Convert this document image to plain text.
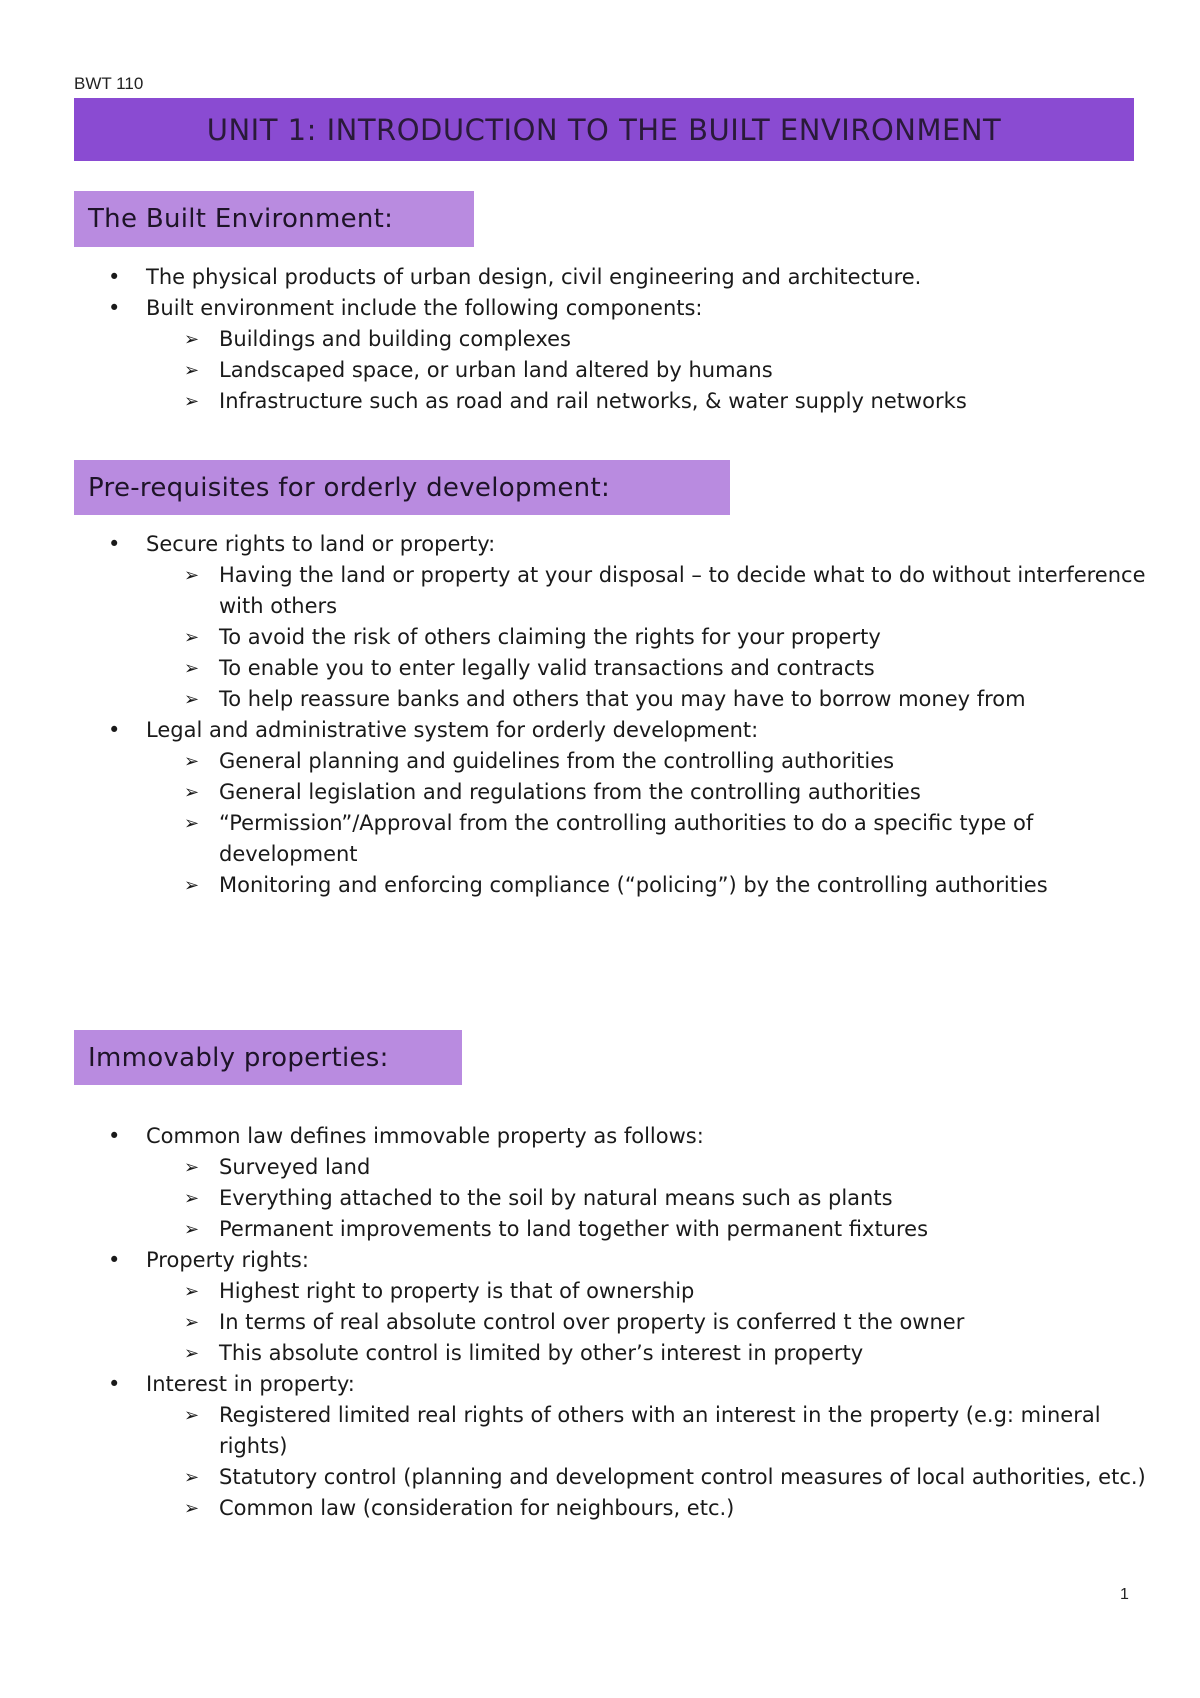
BWT 110
UNIT 1: INTRODUCTION TO THE BUILT ENVIRONMENT
The Built Environment:
• The physical products of urban design, civil engineering and architecture.
• Built environment include the following components:
➢ Buildings and building complexes
➢ Landscaped space, or urban land altered by humans
➢ Infrastructure such as road and rail networks, & water supply networks
Pre-requisites for orderly development:
• Secure rights to land or property:
➢ Having the land or property at your disposal – to decide what to do without interference with others
➢ To avoid the risk of others claiming the rights for your property
➢ To enable you to enter legally valid transactions and contracts
➢ To help reassure banks and others that you may have to borrow money from
• Legal and administrative system for orderly development:
➢ General planning and guidelines from the controlling authorities
➢ General legislation and regulations from the controlling authorities
➢ “Permission”/Approval from the controlling authorities to do a specific type of development
➢ Monitoring and enforcing compliance (“policing”) by the controlling authorities
Immovably properties:
• Common law defines immovable property as follows:
➢ Surveyed land
➢ Everything attached to the soil by natural means such as plants
➢ Permanent improvements to land together with permanent fixtures
• Property rights:
➢ Highest right to property is that of ownership
➢ In terms of real absolute control over property is conferred t the owner
➢ This absolute control is limited by other’s interest in property
• Interest in property:
➢ Registered limited real rights of others with an interest in the property (e.g: mineral rights)
➢ Statutory control (planning and development control measures of local authorities, etc.)
➢ Common law (consideration for neighbours, etc.)
1
